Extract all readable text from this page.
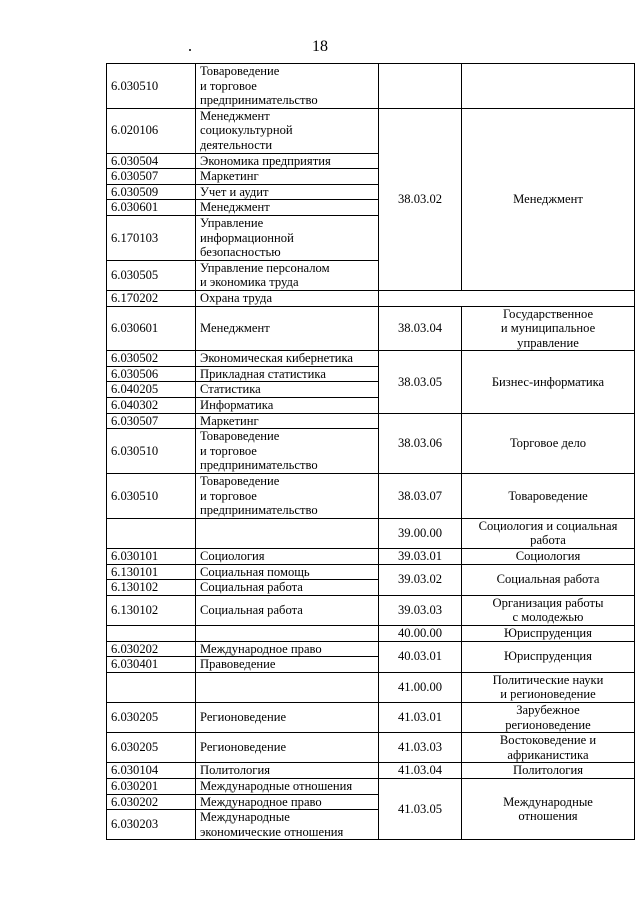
18
6.030510	Товароведение
и торговое
предпринимательство			
6.020106	Менеджмент
социокультурной
деятельности	38.03.02	Менеджмент	
6.030504	Экономика предприятия			
6.030507	Маркетинг			
6.030509	Учет и аудит			
6.030601	Менеджмент			
6.170103	Управление
информационной
безопасностью			
6.030505	Управление персоналом
и экономика труда		
6.170202	Охрана труда			
6.030601	Менеджмент	38.03.04	Государственное
и муниципальное
управление	
6.030502	Экономическая кибернетика	38.03.05	Бизнес-информатика	
6.030506	Прикладная статистика			
6.040205	Статистика			
6.040302	Информатика			
6.030507	Маркетинг	38.03.06	Торговое дело	
6.030510	Товароведение
и торговое
предпринимательство			
6.030510	Товароведение
и торговое
предпринимательство	38.03.07	Товароведение	
		39.00.00	Социология и социальная
работа	
6.030101	Социология	39.03.01	Социология	
6.130101	Социальная помощь	39.03.02	Социальная работа	
6.130102	Социальная работа			
6.130102	Социальная работа	39.03.03	Организация работы
с молодежью	
		40.00.00	Юриспруденция	
6.030202	Международное право	40.03.01	Юриспруденция	
6.030401	Правоведение			
		41.00.00	Политические науки
и регионоведение	
6.030205	Регионоведение	41.03.01	Зарубежное
регионоведение	
6.030205	Регионоведение	41.03.03	Востоковедение и
африканистика	
6.030104	Политология	41.03.04	Политология	
6.030201	Международные отношения	41.03.05	Международные
отношения	
6.030202	Международное право			
6.030203	Международные
экономические отношения			
